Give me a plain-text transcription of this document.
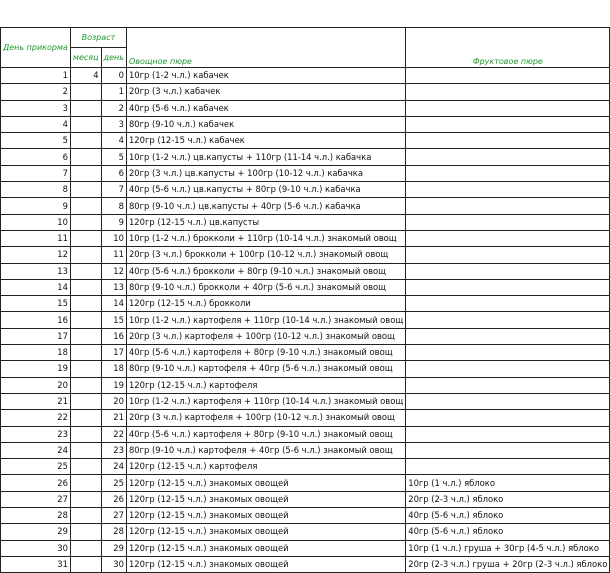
День прикорма	Возраст		Овощное пюре	Фруктовое пюре
	месяц	день		
1	4	0	10гр (1-2 ч.л.) кабачек	
2		1	20гр (3 ч.л.) кабачек	
3		2	40гр (5-6 ч.л.) кабачек	
4		3	80гр (9-10 ч.л.) кабачек	
5		4	120гр (12-15 ч.л.) кабачек	
6		5	10гр (1-2 ч.л.) цв.капусты + 110гр (11-14 ч.л.) кабачка	
7		6	20гр (3 ч.л.) цв.капусты + 100гр (10-12 ч.л.) кабачка	
8		7	40гр (5-6 ч.л.) цв.капусты + 80гр (9-10 ч.л.) кабачка	
9		8	80гр (9-10 ч.л.) цв.капусты + 40гр (5-6 ч.л.) кабачка	
10		9	120гр (12-15 ч.л.) цв.капусты	
11		10	10гр (1-2 ч.л.) брокколи + 110гр (10-14 ч.л.) знакомый овощ	
12		11	20гр (3 ч.л.) брокколи + 100гр (10-12 ч.л.) знакомый овощ	
13		12	40гр (5-6 ч.л.) брокколи + 80гр (9-10 ч.л.) знакомый овощ	
14		13	80гр (9-10 ч.л.) брокколи + 40гр (5-6 ч.л.) знакомый овощ	
15		14	120гр (12-15 ч.л.) брокколи	
16		15	10гр (1-2 ч.л.) картофеля + 110гр (10-14 ч.л.) знакомый овощ	
17		16	20гр (3 ч.л.) картофеля + 100гр (10-12 ч.л.) знакомый овощ	
18		17	40гр (5-6 ч.л.) картофеля + 80гр (9-10 ч.л.) знакомый овощ	
19		18	80гр (9-10 ч.л.) картофеля + 40гр (5-6 ч.л.) знакомый овощ	
20		19	120гр (12-15 ч.л.) картофеля	
21		20	10гр (1-2 ч.л.) картофеля + 110гр (10-14 ч.л.) знакомый овощ	
22		21	20гр (3 ч.л.) картофеля + 100гр (10-12 ч.л.) знакомый овощ	
23		22	40гр (5-6 ч.л.) картофеля + 80гр (9-10 ч.л.) знакомый овощ	
24		23	80гр (9-10 ч.л.) картофеля + 40гр (5-6 ч.л.) знакомый овощ	
25		24	120гр (12-15 ч.л.) картофеля	
26		25	120гр (12-15 ч.л.) знакомых овощей	10гр (1 ч.л.) яблоко
27		26	120гр (12-15 ч.л.) знакомых овощей	20гр (2-3 ч.л.) яблоко
28		27	120гр (12-15 ч.л.) знакомых овощей	40гр (5-6 ч.л.) яблоко
29		28	120гр (12-15 ч.л.) знакомых овощей	40гр (5-6 ч.л.) яблоко
30		29	120гр (12-15 ч.л.) знакомых овощей	10гр (1 ч.л.) груша + 30гр (4-5 ч.л.) яблоко
31		30	120гр (12-15 ч.л.) знакомых овощей	20гр (2-3 ч.л.) груша + 20гр (2-3 ч.л.) яблоко
